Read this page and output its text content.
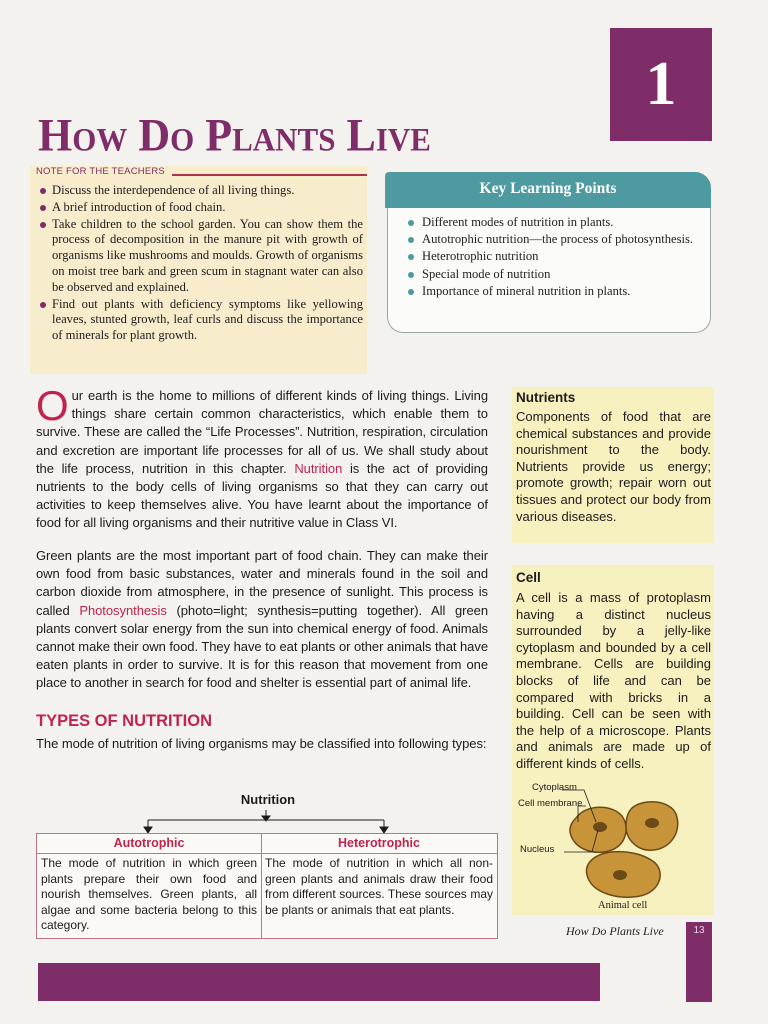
1
How Do Plants Live
NOTE FOR THE TEACHERS
Discuss the interdependence of all living things.
A brief introduction of food chain.
Take children to the school garden. You can show them the process of decomposition in the manure pit with growth of organisms like mushrooms and moulds. Growth of organisms on moist tree bark and green scum in stagnant water can also be observed and explained.
Find out plants with deficiency symptoms like yellowing leaves, stunted growth, leaf curls and discuss the importance of minerals for plant growth.
Key Learning Points
Different modes of nutrition in plants.
Autotrophic nutrition—the process of photosynthesis.
Heterotrophic nutrition
Special mode of nutrition
Importance of mineral nutrition in plants.
Our earth is the home to millions of different kinds of living things. Living things share certain common characteristics, which enable them to survive. These are called the “Life Processes”. Nutrition, respiration, circulation and excretion are important life processes for all of us. We shall study about the life process, nutrition in this chapter. Nutrition is the act of providing nutrients to the body cells of living organisms so that they can carry out activities to keep themselves alive. You have learnt about the importance of food for all living organisms and their nutritive value in Class VI.
Green plants are the most important part of food chain. They can make their own food from basic substances, water and minerals found in the soil and carbon dioxide from atmosphere, in the presence of sunlight. This process is called Photosynthesis (photo=light; synthesis=putting together). All green plants convert solar energy from the sun into chemical energy of food. Animals cannot make their own food. They have to eat plants or other animals that have eaten plants in order to survive. It is for this reason that movement from one place to another in search for food and shelter is essential part of animal life.
TYPES OF NUTRITION
The mode of nutrition of living organisms may be classified into following types:
Nutrition
Autotrophic
The mode of nutrition in which green plants prepare their own food and nourish themselves. Green plants, all algae and some bacteria belong to this category.
Heterotrophic
The mode of nutrition in which all non-green plants and animals draw their food from different sources. These sources may be plants or animals that eat plants.
Nutrients
Components of food that are chemical substances and provide nourishment to the body. Nutrients provide us energy; promote growth; repair worn out tissues and protect our body from various diseases.
Cell
A cell is a mass of protoplasm having a distinct nucleus surrounded by a jelly-like cytoplasm and bounded by a cell membrane. Cells are building blocks of life and can be compared with bricks in a building. Cell can be seen with the help of a microscope. Plants and animals are made up of different kinds of cells.
Cytoplasm
Cell membrane
Nucleus
Animal cell
How Do Plants Live	13
